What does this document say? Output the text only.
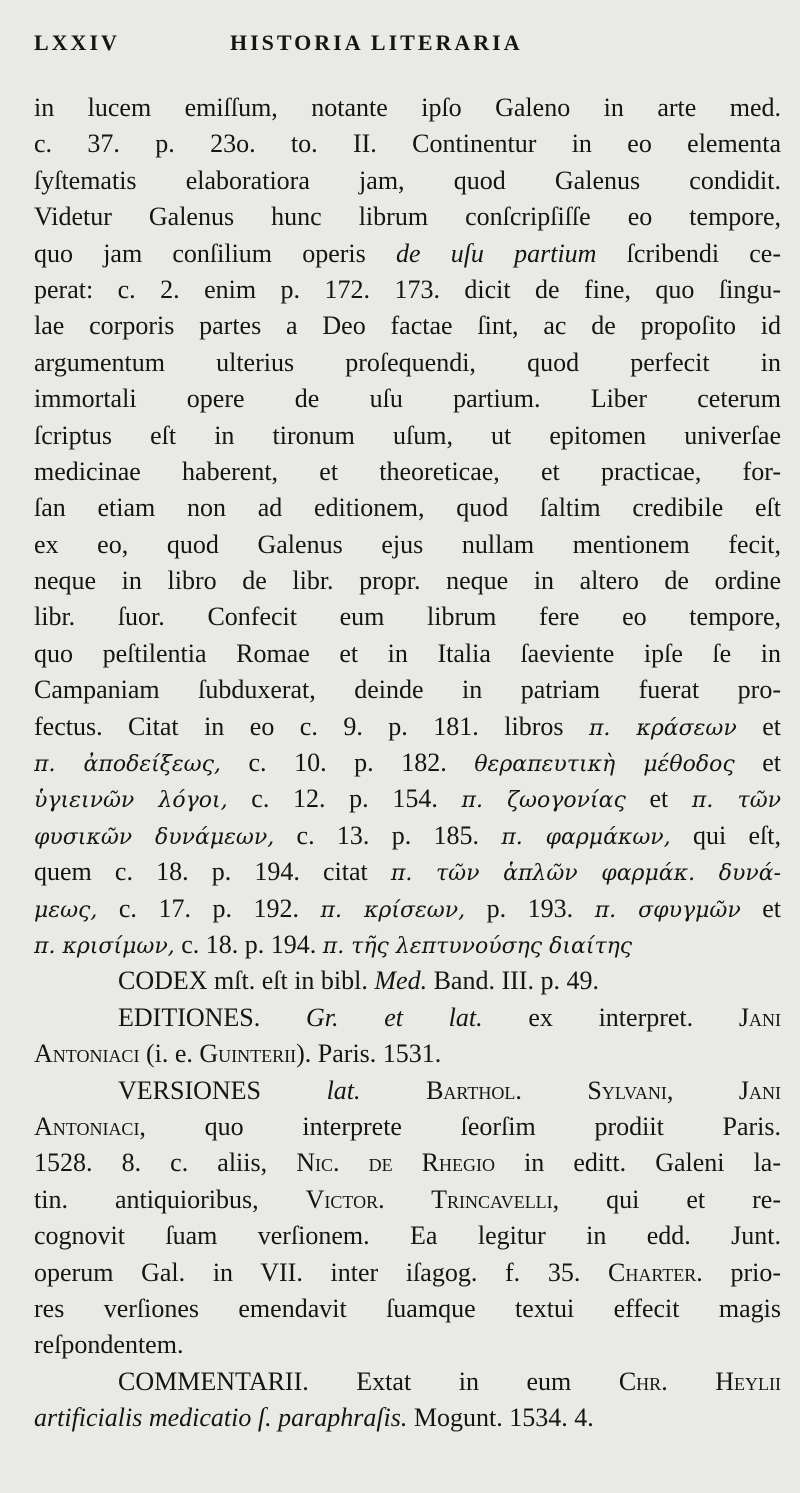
LXXIV	HISTORIA LITERARIA
in lucem emiſſum, notante ipſo Galeno in arte med.
c. 37. p. 23o. to. II. Continentur in eo elementa
ſyſtematis elaboratiora jam, quod Galenus condidit.
Videtur Galenus hunc librum conſcripſiſſe eo tempore,
quo jam conſilium operis de uſu partium ſcribendi ce-
perat: c. 2. enim p. 172. 173. dicit de fine, quo ſingu-
lae corporis partes a Deo factae ſint, ac de propoſito id
argumentum ulterius proſequendi, quod perfecit in
immortali opere de uſu partium. Liber ceterum
ſcriptus eſt in tironum uſum, ut epitomen univerſae
medicinae haberent, et theoreticae, et practicae, for-
ſan etiam non ad editionem, quod ſaltim credibile eſt
ex eo, quod Galenus ejus nullam mentionem fecit,
neque in libro de libr. propr. neque in altero de ordine
libr. ſuor. Confecit eum librum fere eo tempore,
quo peſtilentia Romae et in Italia ſaeviente ipſe ſe in
Campaniam ſubduxerat, deinde in patriam fuerat pro-
fectus. Citat in eo c. 9. p. 181. libros π. κράσεων et
π. ἀποδείξεως, c. 10. p. 182. θεραπευτικὴ μέθοδος et
ὑγιεινῶν λόγοι, c. 12. p. 154. π. ζωογονίας et π. τῶν
φυσικῶν δυνάμεων, c. 13. p. 185. π. φαρμάκων, qui eſt,
quem c. 18. p. 194. citat π. τῶν ἁπλῶν φαρμάκ. δυνά-
μεως, c. 17. p. 192. π. κρίσεων, p. 193. π. σφυγμῶν et
π. κρισίμων, c. 18. p. 194. π. τῆς λεπτυνούσης διαίτης
CODEX mſt. eſt in bibl. Med. Band. III. p. 49.
EDITIONES. Gr. et lat. ex interpret. Jani
Antoniaci (i. e. Guinterii). Paris. 1531.
VERSIONES lat.	Barthol. Sylvani,	Jani
Antoniaci, quo interprete ſeorſim prodiit Paris.
1528. 8. c. aliis, Nic. de Rhegio in editt. Galeni la-
tin. antiquioribus, Victor. Trincavelli, qui et re-
cognovit ſuam verſionem. Ea legitur in edd. Junt.
operum Gal. in VII. inter iſagog. f. 35. Charter. prio-
res verſiones emendavit ſuamque textui effecit magis
reſpondentem.
COMMENTARII. Extat in eum Chr. Heylii
artificialis medicatio ſ. paraphraſis. Mogunt. 1534. 4.
